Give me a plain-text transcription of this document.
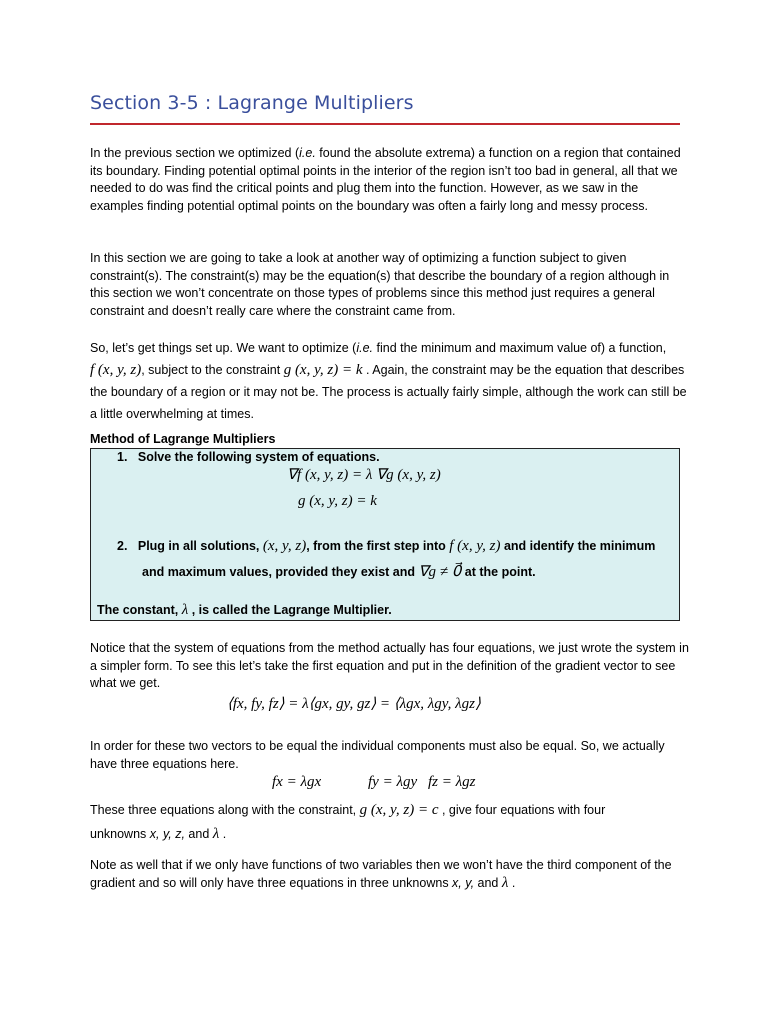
Section 3-5 : Lagrange Multipliers

In the previous section we optimized (i.e. found the absolute extrema) a function on a region that contained its boundary. Finding potential optimal points in the interior of the region isn’t too bad in general, all that we needed to do was find the critical points and plug them into the function. However, as we saw in the examples finding potential optimal points on the boundary was often a fairly long and messy process.

In this section we are going to take a look at another way of optimizing a function subject to given constraint(s). The constraint(s) may be the equation(s) that describe the boundary of a region although in this section we won’t concentrate on those types of problems since this method just requires a general constraint and doesn’t really care where the constraint came from.

So, let’s get things set up. We want to optimize (i.e. find the minimum and maximum value of) a function, f (x, y, z), subject to the constraint g (x, y, z) = k . Again, the constraint may be the equation that describes the boundary of a region or it may not be. The process is actually fairly simple, although the work can still be a little overwhelming at times.

Method of Lagrange Multipliers

1. Solve the following system of equations.

∇f (x, y, z) = λ ∇g (x, y, z)
g (x, y, z) = k

2. Plug in all solutions, (x, y, z), from the first step into f (x, y, z) and identify the minimum

and maximum values, provided they exist and ∇g ≠ 0⃗ at the point.

The constant, λ , is called the Lagrange Multiplier.

Notice that the system of equations from the method actually has four equations, we just wrote the system in a simpler form. To see this let’s take the first equation and put in the definition of the gradient vector to see what we get.

⟨fx, fy, fz⟩ = λ⟨gx, gy, gz⟩ = ⟨λgx, λgy, λgz⟩

In order for these two vectors to be equal the individual components must also be equal. So, we actually have three equations here.

fx = λgx	fy = λgy fz = λgz

These three equations along with the constraint, g (x, y, z) = c , give four equations with four
unknowns x, y, z, and λ .

Note as well that if we only have functions of two variables then we won’t have the third component of the gradient and so will only have three equations in three unknowns x, y, and λ .
